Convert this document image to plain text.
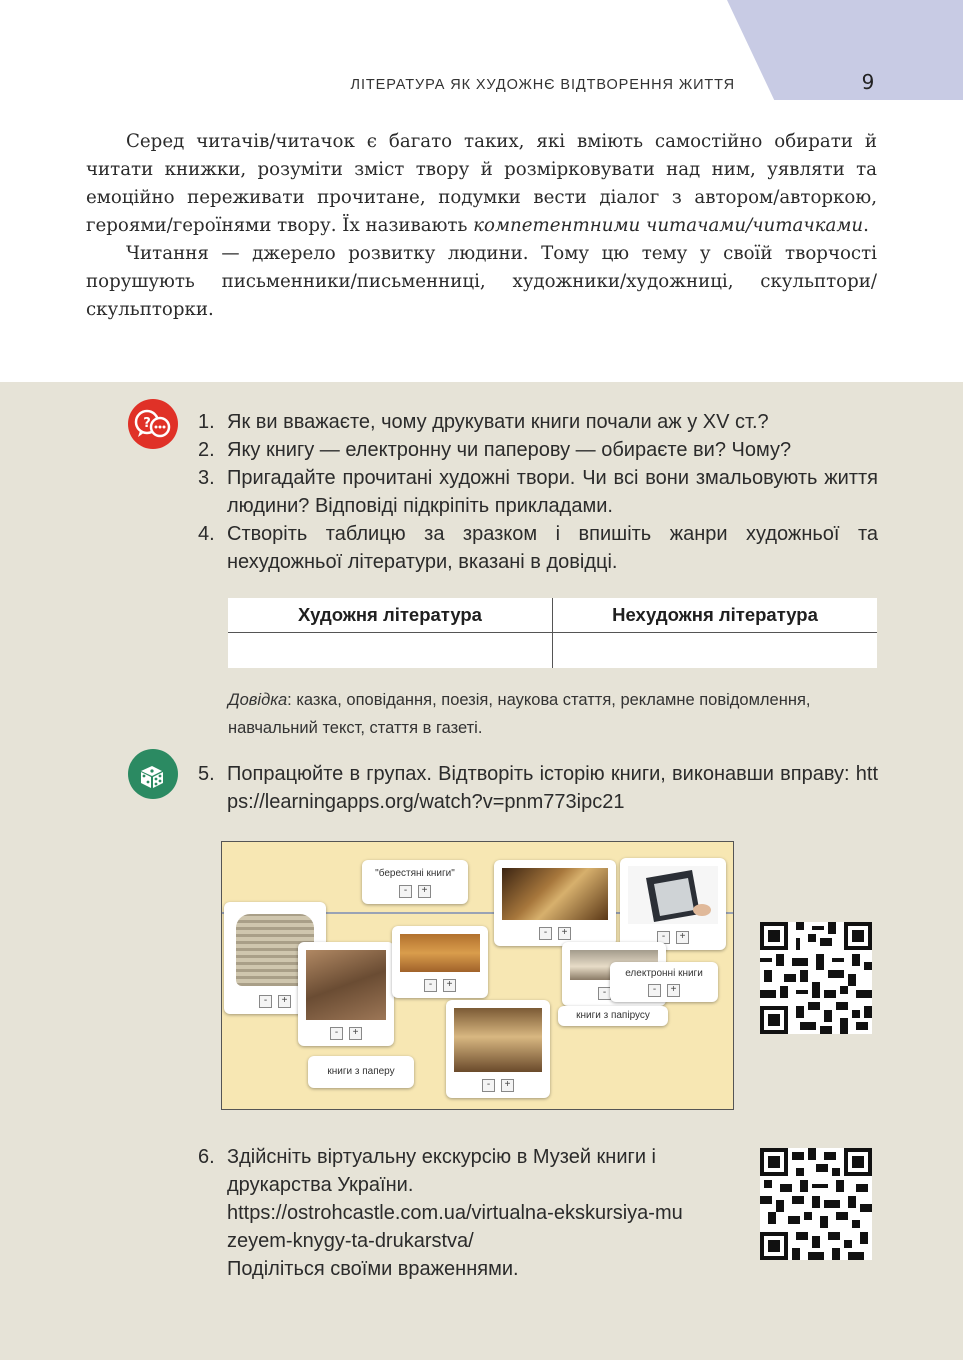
ЛІТЕРАТУРА ЯК ХУДОЖНЄ ВІДТВОРЕННЯ ЖИТТЯ	9

Серед читачів/читачок є багато таких, які вміють самостійно обирати й читати книжки, розуміти зміст твору й розмірковувати над ним, уявляти та емоційно переживати прочитане, подумки вести діалог з автором/авторкою, героями/героїнями твору. Їх називають компетентними читачами/читачками.

Читання — джерело розвитку людини. Тому цю тему у своїй творчості порушують письменники/письменниці, художники/художниці, скульптори/скульпторки.

? 1. Як ви вважаєте, чому друкувати книги почали аж у XV ст.?
2. Яку книгу — електронну чи паперову — обираєте ви? Чому?
3. Пригадайте прочитані художні твори. Чи всі вони змальовують життя людини? Відповіді підкріпіть прикладами.
4. Створіть таблицю за зразком і впишіть жанри художньої та нехудожньої літератури, вказані в довідці.
Художня література	Нехудожня література

Довідка: казка, оповідання, поезія, наукова стаття, рекламне повідомлення, навчальний текст, стаття в газеті.
5. Попрацюйте в групах. Відтворіть історію книги, виконавши вправу: https://learningapps.org/watch?v=pnm773ipc21
"берестяні книги"
- +
- +	- +
- +
- +
- +
-
електронні книги
- +
книги з папірусу
- +
книги з паперу
6. Здійсніть віртуальну екскурсію в Музей книги і друкарства України.
https://ostrohcastle.com.ua/virtualna-ekskursiya-muzeyem-knygy-ta-drukarstva/
Поділіться своїми враженнями.
